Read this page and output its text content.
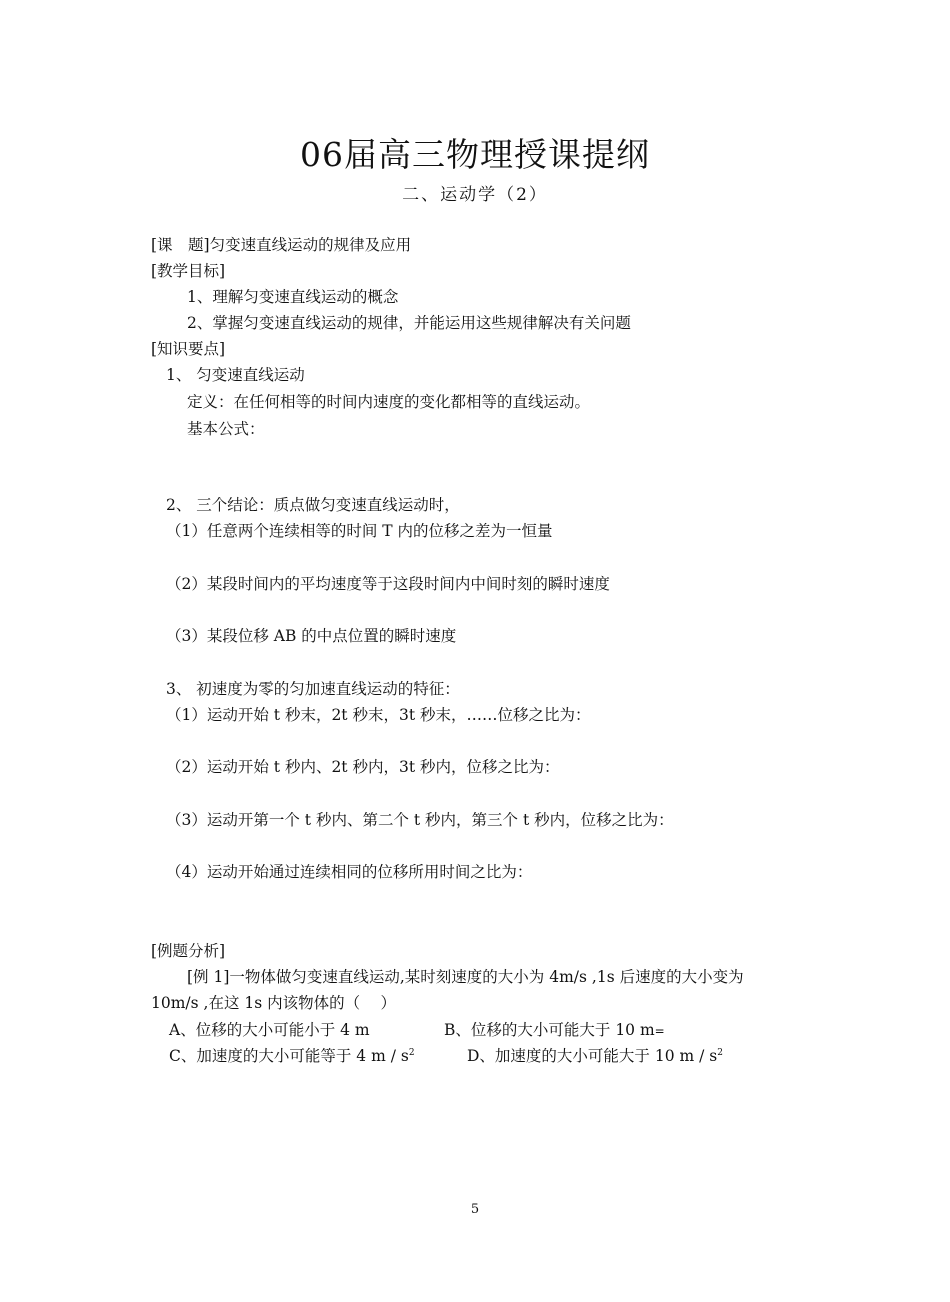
06届高三物理授课提纲
二、运动学（2）
[课　题]匀变速直线运动的规律及应用
[教学目标]
1、理解匀变速直线运动的概念
2、掌握匀变速直线运动的规律，并能运用这些规律解决有关问题
[知识要点]
1、 匀变速直线运动
定义：在任何相等的时间内速度的变化都相等的直线运动。
基本公式：
2、 三个结论：质点做匀变速直线运动时，
（1）任意两个连续相等的时间 T 内的位移之差为一恒量
（2）某段时间内的平均速度等于这段时间内中间时刻的瞬时速度
（3）某段位移 AB 的中点位置的瞬时速度
3、 初速度为零的匀加速直线运动的特征：
（1）运动开始 t 秒末，2t 秒末，3t 秒末，……位移之比为：
（2）运动开始 t 秒内、2t 秒内，3t 秒内，位移之比为：
（3）运动开第一个 t 秒内、第二个 t 秒内，第三个 t 秒内，位移之比为：
（4）运动开始通过连续相同的位移所用时间之比为：
[例题分析]
[例 1]一物体做匀变速直线运动,某时刻速度的大小为 4m/s ,1s 后速度的大小变为
10m/s ,在这 1s 内该物体的（　 ）
A、位移的大小可能小于 4 m	B、位移的大小可能大于 10 m=
C、加速度的大小可能等于 4 m / $s^2$	D、加速度的大小可能大于 10 m / $s^2$
5
